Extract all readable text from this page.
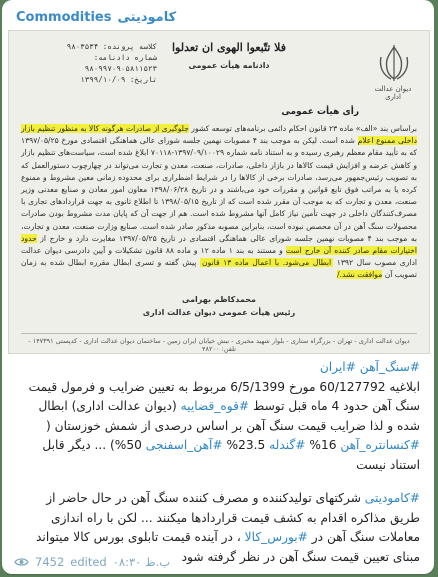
Commodities کامودیتی
کلاسه پرونده: ۹۸۰۳۵۳۴
شماره دادنامه: ۹۸۰۹۹۷۰۹۰۵۸۱۱۵۲۳
تاریخ: ۱۳۹۹/۱۰/۰۹
فلا تتّبعوا الهوی ان تعدلوا
دادنامه هیأت عمومی
دیوان عدالت اداری
رأی هیأت عمومی
براساس بند «الف» ماده ۲۳ قانون احکام دائمی برنامه‌های توسعه کشور جلوگیری از صادرات هرگونه کالا به منظور تنظیم بازار داخلی ممنوع اعلام شده است. لیکن به موجب بند ۴ مصوبات نهمین جلسه شورای عالی هماهنگی اقتصادی مورخ ۱۳۹۷/۰۵/۲۵ که به تأیید مقام معظم رهبری رسیده و به استناد نامه شماره ۱۳۹۷/۰۹/۱۰۰۲۹-۷۰۱۱۸ ابلاغ شده است، سیاست‌های تنظیم بازار و کاهش عرضه و افزایش قیمت کالاها در بازار داخلی، صادرات، صنعت، معدن و تجارت می‌تواند در چهارچوب دستورالعمل که به تصویب رئیس‌جمهور می‌رسد، صادرات برخی از کالاها را در شرایط اضطراری برای محدوده زمانی معین مشروط و ممنوع کرده یا به مراتب فوق تابع قوانین و مقررات خود می‌باشند و در تاریخ ۱۳۹۸/۰۶/۲۸ معاون امور معادن و صنایع معدنی وزیر صنعت، معدن و تجارت که به موجب آن مقرر شده است که از تاریخ ۱۳۹۸/۰۵/۱۵ تا اطلاع ثانوی به جهت قراردادهای تجاری با مصرف‌کنندگان داخلی در جهت تأمین نیاز کامل آنها مشروط شده است. هم از جهت آن که پایان مدت مشروط بودن صادرات محصولات سنگ آهن در آن محصص نبوده است، بنابراین مصوبه مذکور صادر شده است. صنایع وزارت صنعت، معدن و تجارت، به موجب بند ۴ مصوبات نهمین جلسه شورای عالی هماهنگی اقتصادی در تاریخ ۱۳۹۷/۰۵/۲۵ مغایرت دارد و خارج از حدود اختیارات مقام صادر کننده آن خارج است و مستند به بند ۱ ماده ۱۲ و ماده ۸۸ قانون تشکیلات و آیین دادرسی دیوان عدالت اداری مصوب سال ۱۳۹۲ ابطال می‌شود. با اعمال ماده ۱۳ قانون پیش گفته و تسری ابطال مقرره ابطال شده به زمان تصویب آن موافقت نشد./
محمدکاظم بهرامی
رئیس هیأت عمومی دیوان عدالت اداری
دیوان عدالت اداری - تهران - بزرگراه ستاری - بلوار شهید مخبری - نبش خیابان ایران زمین - ساختمان دیوان عدالت اداری - کدپستی ۱۴۷۳۹۱ - تلفن: ۴۸۲۰۰

#سنگ_آهن #ایران

ابلاغیه 60/127792 مورخ 6/5/1399 مربوط به تعیین ضرایب و فرمول قیمت سنگ آهن حدود 4 ماه قبل توسط #قوه_قضاییه (دیوان عدالت اداری) ابطال شده و لذا ضرایب قیمت سنگ آهن بر اساس درصدی از شمش خوزستان ( #کنسانتره_آهن 16% #گندله 23.5% #آهن_اسفنجی 50%) ... دیگر قابل استناد نیست

#کامودیتی شرکتهای تولیدکننده و مصرف کننده سنگ آهن در حال حاضر از طریق مذاکره اقدام به کشف قیمت قراردادها میکنند ... لکن با راه اندازی معاملات سنگ آهن در #بورس_کالا ، در آینده قیمت تابلوی بورس کالا میتواند مبنای تعیین قیمت سنگ آهن در نظر گرفته شود

7452 edited ۰۸:۳۰ ب.ظ
